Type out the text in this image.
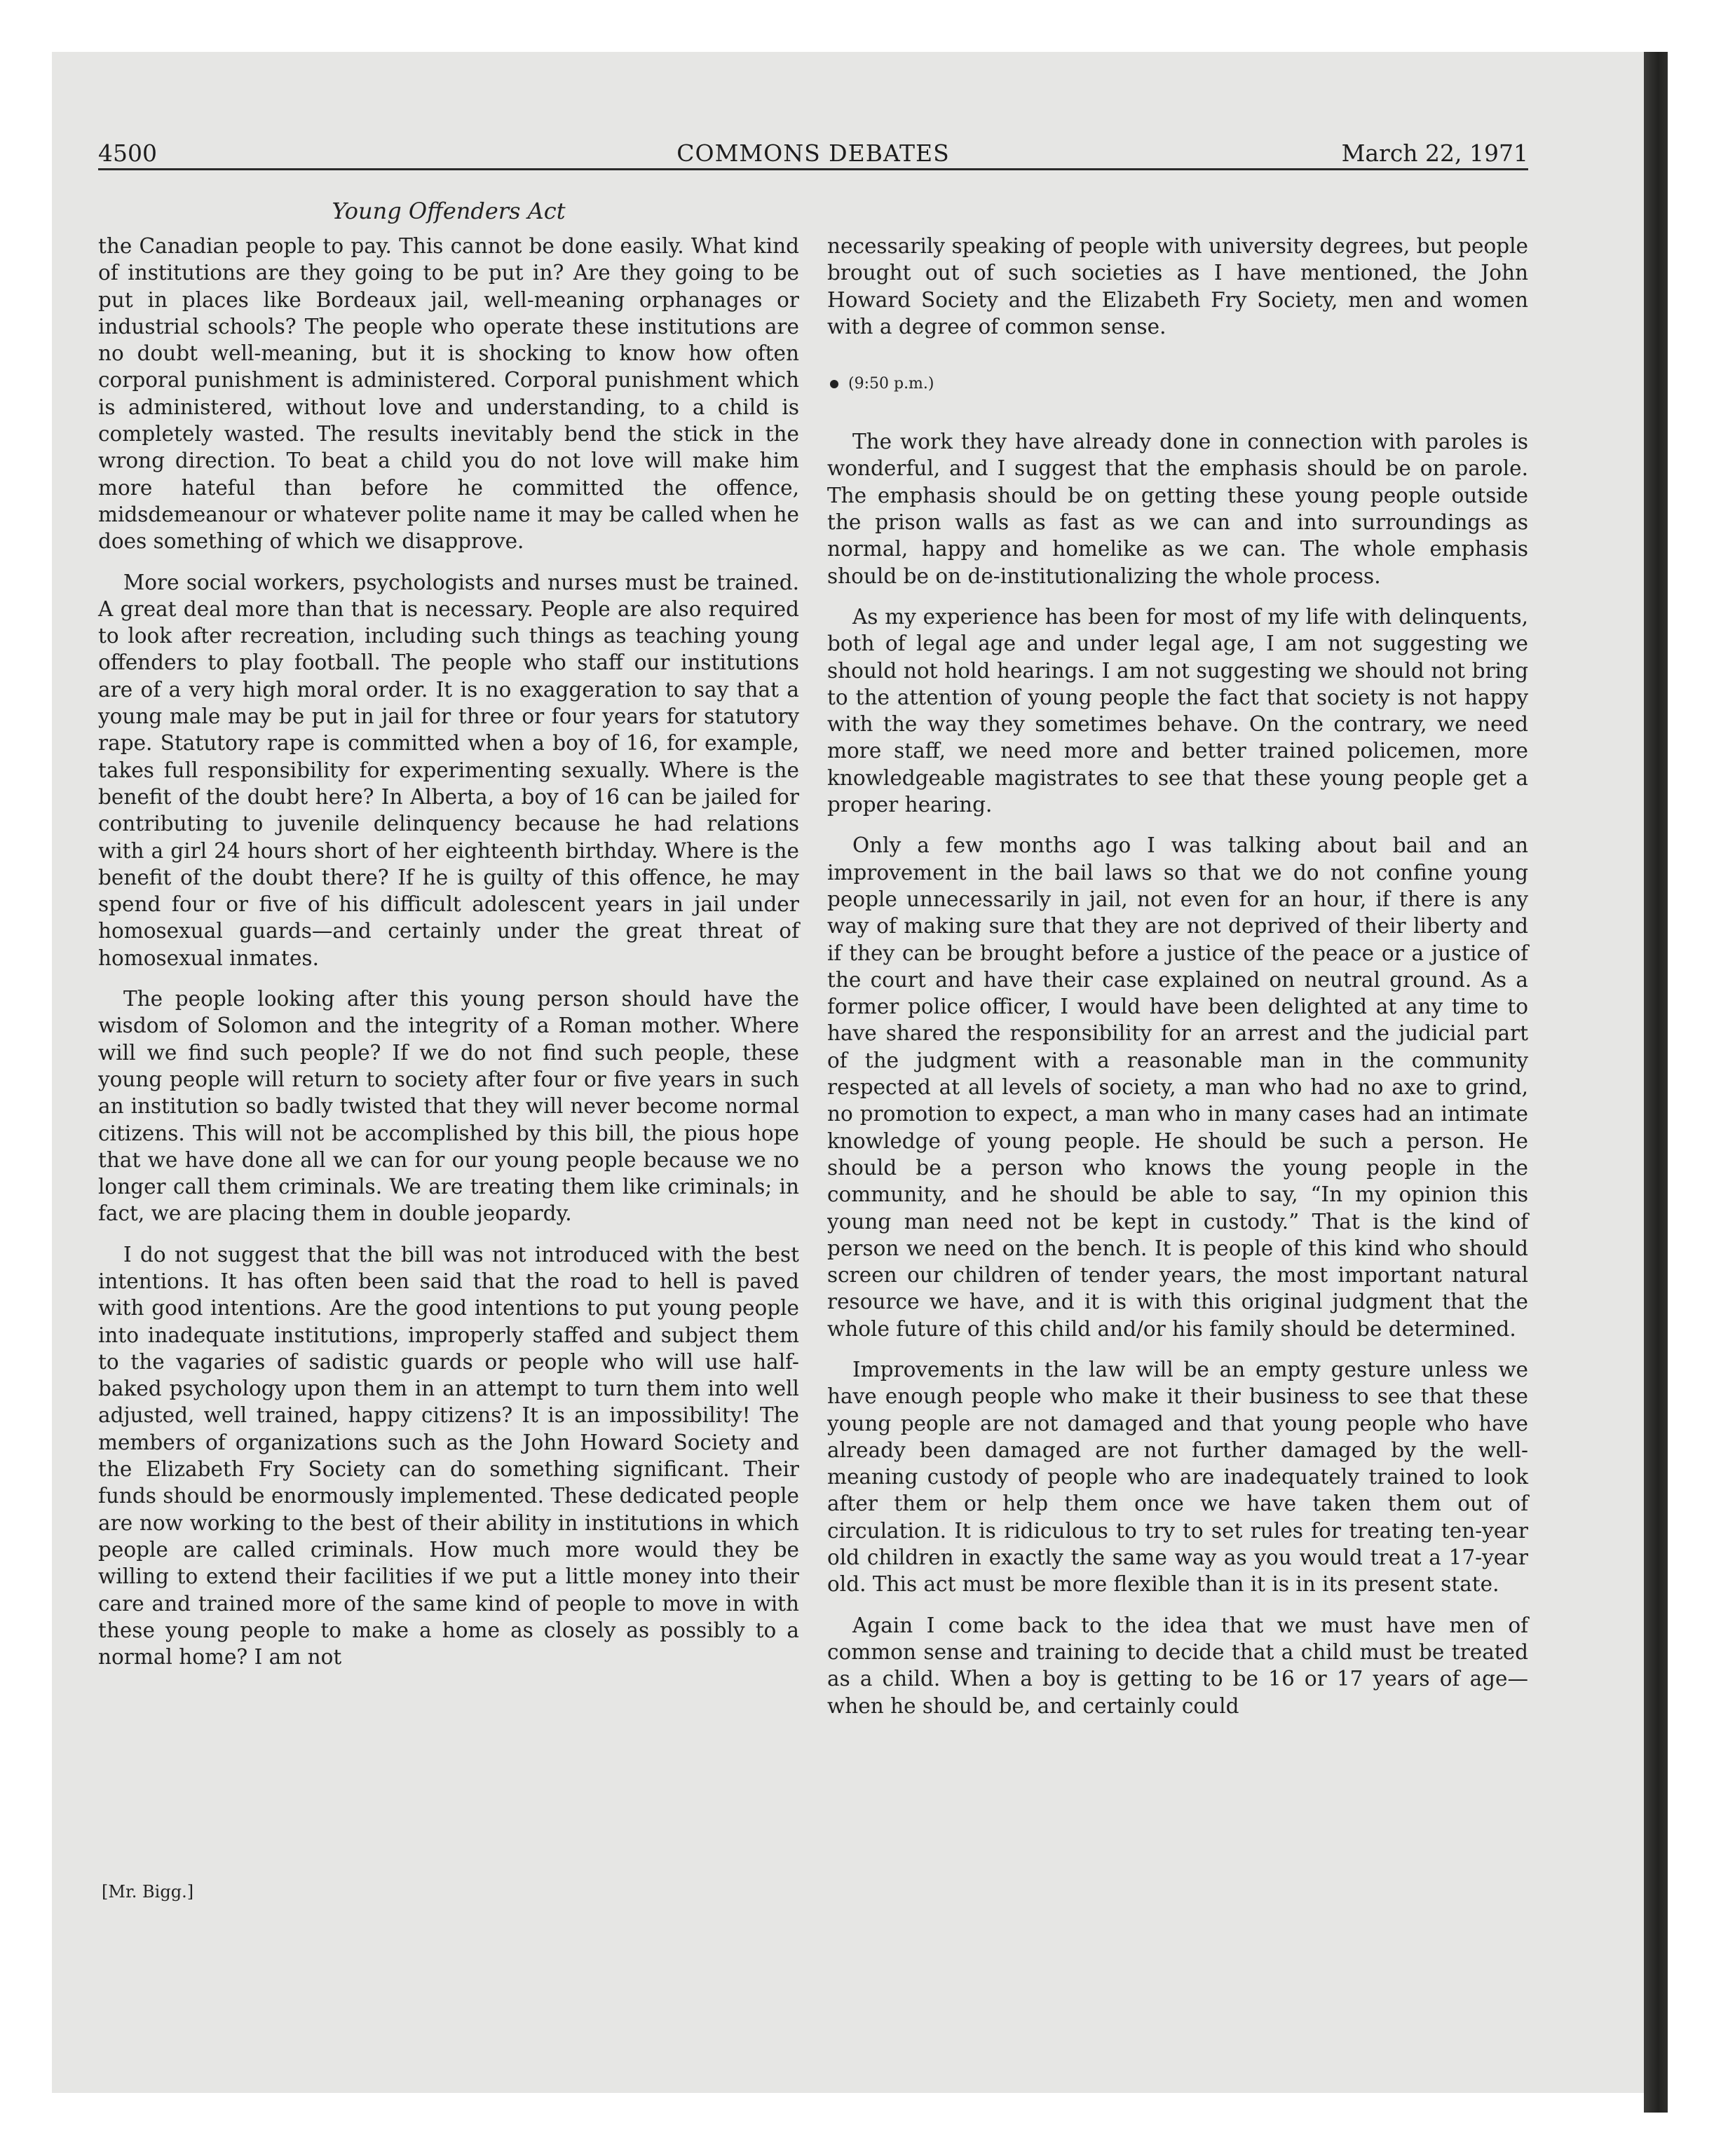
4500	COMMONS DEBATES	March 22, 1971
Young Offenders Act

the Canadian people to pay. This cannot be done easily. What kind of institutions are they going to be put in? Are they going to be put in places like Bordeaux jail, well-meaning orphanages or industrial schools? The people who operate these institutions are no doubt well-meaning, but it is shocking to know how often corporal punishment is administered. Corporal punishment which is administered, without love and understanding, to a child is completely wasted. The results inevitably bend the stick in the wrong direction. To beat a child you do not love will make him more hateful than before he committed the offence, midsdemeanour or whatever polite name it may be called when he does something of which we disapprove.

More social workers, psychologists and nurses must be trained. A great deal more than that is necessary. People are also required to look after recreation, including such things as teaching young offenders to play football. The people who staff our institutions are of a very high moral order. It is no exaggeration to say that a young male may be put in jail for three or four years for statutory rape. Statutory rape is committed when a boy of 16, for example, takes full responsibility for experimenting sexually. Where is the benefit of the doubt here? In Alberta, a boy of 16 can be jailed for contributing to juvenile delinquency because he had relations with a girl 24 hours short of her eighteenth birthday. Where is the benefit of the doubt there? If he is guilty of this offence, he may spend four or five of his difficult adolescent years in jail under homosexual guards—and certainly under the great threat of homosexual inmates.

The people looking after this young person should have the wisdom of Solomon and the integrity of a Roman mother. Where will we find such people? If we do not find such people, these young people will return to society after four or five years in such an institution so badly twisted that they will never become normal citizens. This will not be accomplished by this bill, the pious hope that we have done all we can for our young people because we no longer call them criminals. We are treating them like criminals; in fact, we are placing them in double jeopardy.

I do not suggest that the bill was not introduced with the best intentions. It has often been said that the road to hell is paved with good intentions. Are the good intentions to put young people into inadequate institutions, improperly staffed and subject them to the vagaries of sadistic guards or people who will use half-baked psychology upon them in an attempt to turn them into well adjusted, well trained, happy citizens? It is an impossibility! The members of organizations such as the John Howard Society and the Elizabeth Fry Society can do something significant. Their funds should be enormously implemented. These dedicated people are now working to the best of their ability in institutions in which people are called criminals. How much more would they be willing to extend their facilities if we put a little money into their care and trained more of the same kind of people to move in with these young people to make a home as closely as possibly to a normal home? I am not

necessarily speaking of people with university degrees, but people brought out of such societies as I have mentioned, the John Howard Society and the Elizabeth Fry Society, men and women with a degree of common sense.

(9:50 p.m.)

The work they have already done in connection with paroles is wonderful, and I suggest that the emphasis should be on parole. The emphasis should be on getting these young people outside the prison walls as fast as we can and into surroundings as normal, happy and homelike as we can. The whole emphasis should be on de-institutionalizing the whole process.

As my experience has been for most of my life with delinquents, both of legal age and under legal age, I am not suggesting we should not hold hearings. I am not suggesting we should not bring to the attention of young people the fact that society is not happy with the way they sometimes behave. On the contrary, we need more staff, we need more and better trained policemen, more knowledgeable magistrates to see that these young people get a proper hearing.

Only a few months ago I was talking about bail and an improvement in the bail laws so that we do not confine young people unnecessarily in jail, not even for an hour, if there is any way of making sure that they are not deprived of their liberty and if they can be brought before a justice of the peace or a justice of the court and have their case explained on neutral ground. As a former police officer, I would have been delighted at any time to have shared the responsibility for an arrest and the judicial part of the judgment with a reasonable man in the community respected at all levels of society, a man who had no axe to grind, no promotion to expect, a man who in many cases had an intimate knowledge of young people. He should be such a person. He should be a person who knows the young people in the community, and he should be able to say, “In my opinion this young man need not be kept in custody.” That is the kind of person we need on the bench. It is people of this kind who should screen our children of tender years, the most important natural resource we have, and it is with this original judgment that the whole future of this child and/or his family should be determined.

Improvements in the law will be an empty gesture unless we have enough people who make it their business to see that these young people are not damaged and that young people who have already been damaged are not further damaged by the well-meaning custody of people who are inadequately trained to look after them or help them once we have taken them out of circulation. It is ridiculous to try to set rules for treating ten-year old children in exactly the same way as you would treat a 17-year old. This act must be more flexible than it is in its present state.

Again I come back to the idea that we must have men of common sense and training to decide that a child must be treated as a child. When a boy is getting to be 16 or 17 years of age—when he should be, and certainly could

[Mr. Bigg.]
